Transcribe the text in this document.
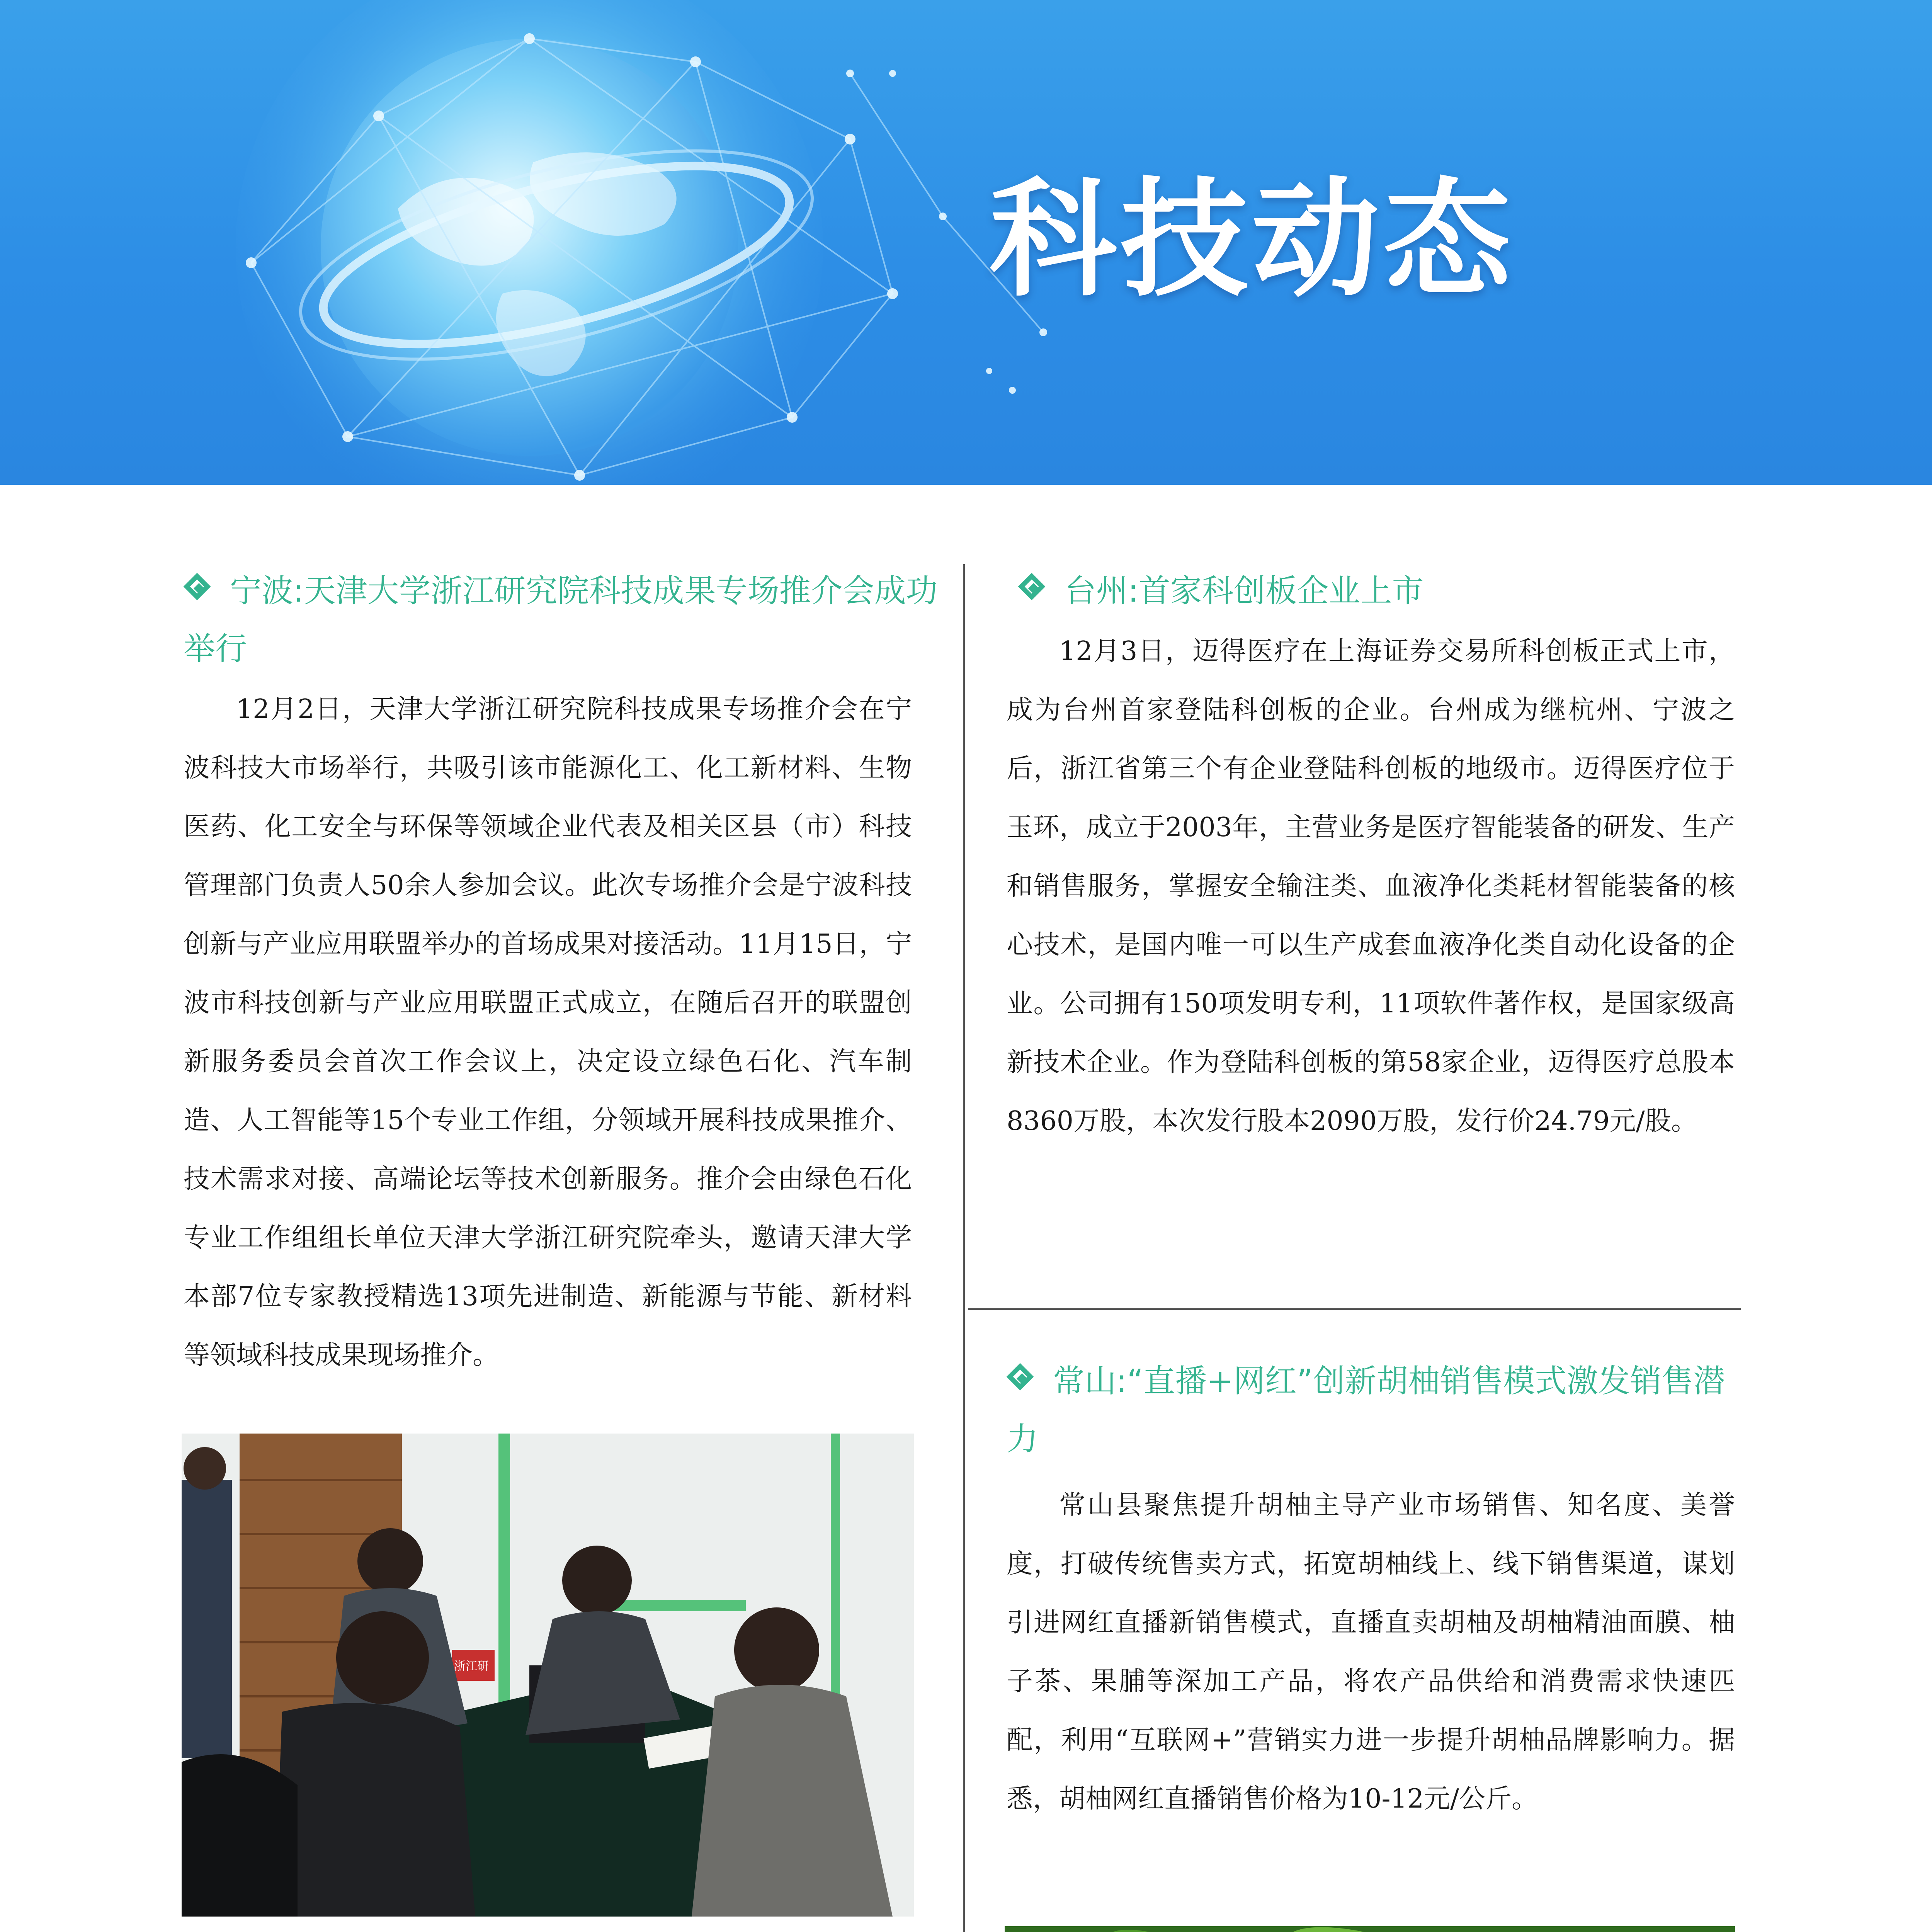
科技动态
宁波:天津大学浙江研究院科技成果专场推介会成功举行

12月2日，天津大学浙江研究院科技成果专场推介会在宁波科技大市场举行，共吸引该市能源化工、化工新材料、生物医药、化工安全与环保等领域企业代表及相关区县（市）科技管理部门负责人50余人参加会议。此次专场推介会是宁波科技创新与产业应用联盟举办的首场成果对接活动。11月15日，宁波市科技创新与产业应用联盟正式成立，在随后召开的联盟创新服务委员会首次工作会议上，决定设立绿色石化、汽车制造、人工智能等15个专业工作组，分领域开展科技成果推介、技术需求对接、高端论坛等技术创新服务。推介会由绿色石化专业工作组组长单位天津大学浙江研究院牵头，邀请天津大学本部7位专家教授精选13项先进制造、新能源与节能、新材料等领域科技成果现场推介。

浙江研

台州:首家科创板企业上市

12月3日，迈得医疗在上海证券交易所科创板正式上市，成为台州首家登陆科创板的企业。台州成为继杭州、宁波之后，浙江省第三个有企业登陆科创板的地级市。迈得医疗位于玉环，成立于2003年，主营业务是医疗智能装备的研发、生产和销售服务，掌握安全输注类、血液净化类耗材智能装备的核心技术，是国内唯一可以生产成套血液净化类自动化设备的企业。公司拥有150项发明专利，11项软件著作权，是国家级高新技术企业。作为登陆科创板的第58家企业，迈得医疗总股本8360万股，本次发行股本2090万股，发行价24.79元/股。

常山:“直播+网红”创新胡柚销售模式激发销售潜力

常山县聚焦提升胡柚主导产业市场销售、知名度、美誉度，打破传统售卖方式，拓宽胡柚线上、线下销售渠道，谋划引进网红直播新销售模式，直播直卖胡柚及胡柚精油面膜、柚子茶、果脯等深加工产品，将农产品供给和消费需求快速匹配，利用“互联网+”营销实力进一步提升胡柚品牌影响力。据悉，胡柚网红直播销售价格为10-12元/公斤。
